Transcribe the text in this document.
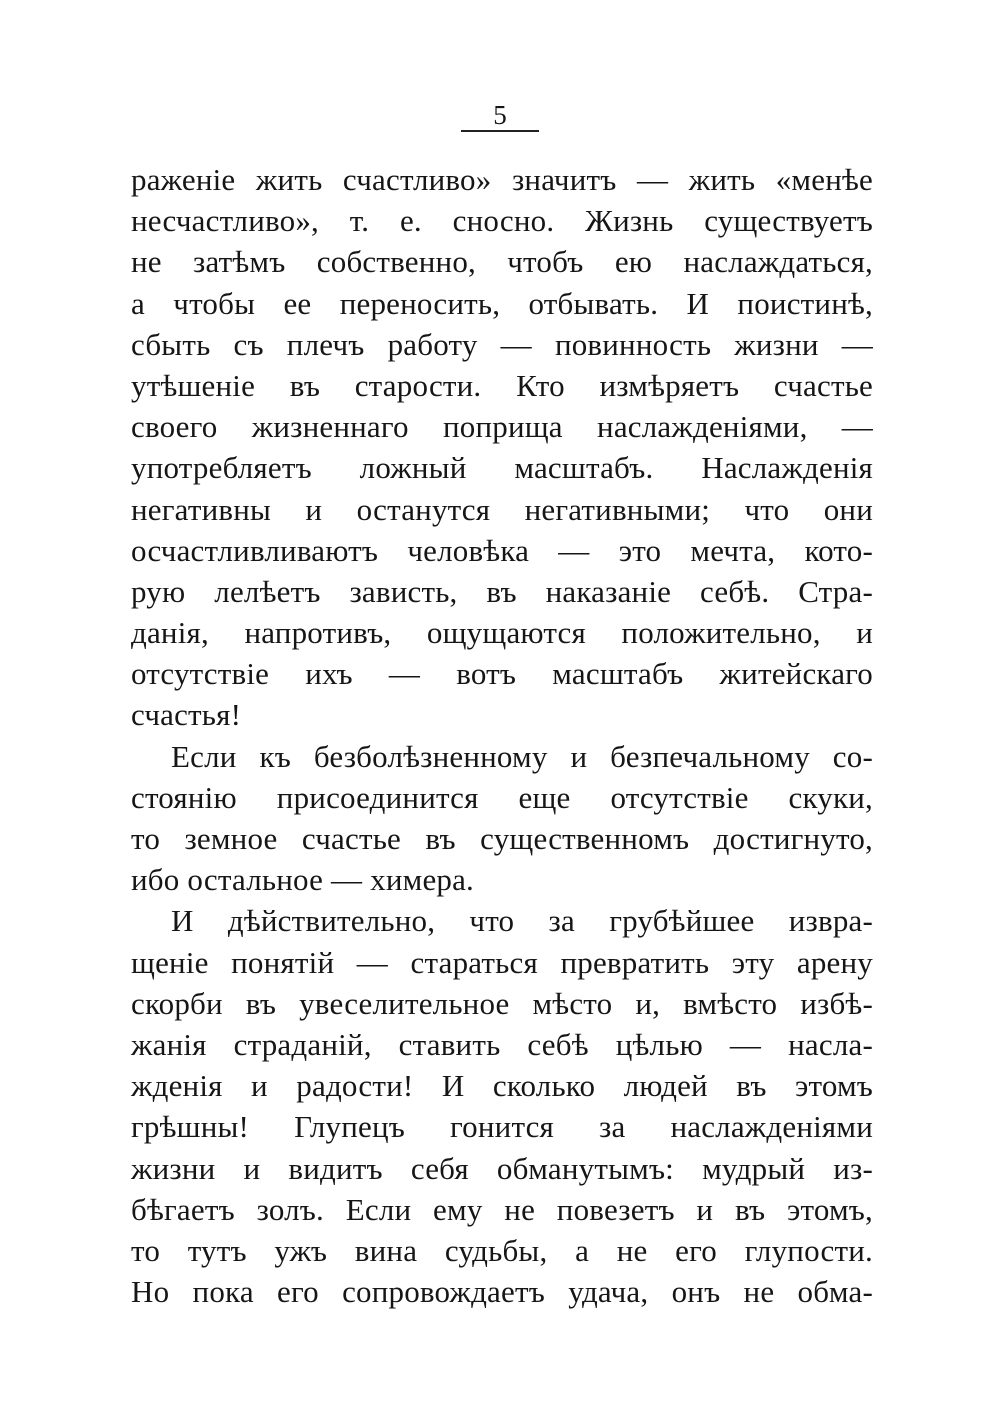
5
раженіе жить счастливо» значитъ — жить «менѣе
несчастливо», т. е. сносно. Жизнь существуетъ
не затѣмъ собственно, чтобъ ею наслаждаться,
а чтобы ее переносить, отбывать. И поистинѣ,
сбыть съ плечъ работу — повинность жизни —
утѣшеніе въ старости. Кто измѣряетъ счастье
своего жизненнаго поприща наслажденіями, —
употребляетъ ложный масштабъ. Наслажденія
негативны и останутся негативными; что они
осчастливливаютъ человѣка — это мечта, кото-
рую лелѣетъ зависть, въ наказаніе себѣ. Стра-
данія, напротивъ, ощущаются положительно, и
отсутствіе ихъ — вотъ масштабъ житейскаго
счастья!
Если къ безболѣзненному и безпечальному со-
стоянію присоединится еще отсутствіе скуки,
то земное счастье въ существенномъ достигнуто,
ибо остальное — химера.
И дѣйствительно, что за грубѣйшее извра-
щеніе понятій — стараться превратить эту арену
скорби въ увеселительное мѣсто и, вмѣсто избѣ-
жанія страданій, ставить себѣ цѣлью — насла-
жденія и радости! И сколько людей въ этомъ
грѣшны! Глупецъ гонится за наслажденіями
жизни и видитъ себя обманутымъ: мудрый из-
бѣгаетъ золъ. Если ему не повезетъ и въ этомъ,
то тутъ ужъ вина судьбы, а не его глупости.
Но пока его сопровождаетъ удача, онъ не обма-
